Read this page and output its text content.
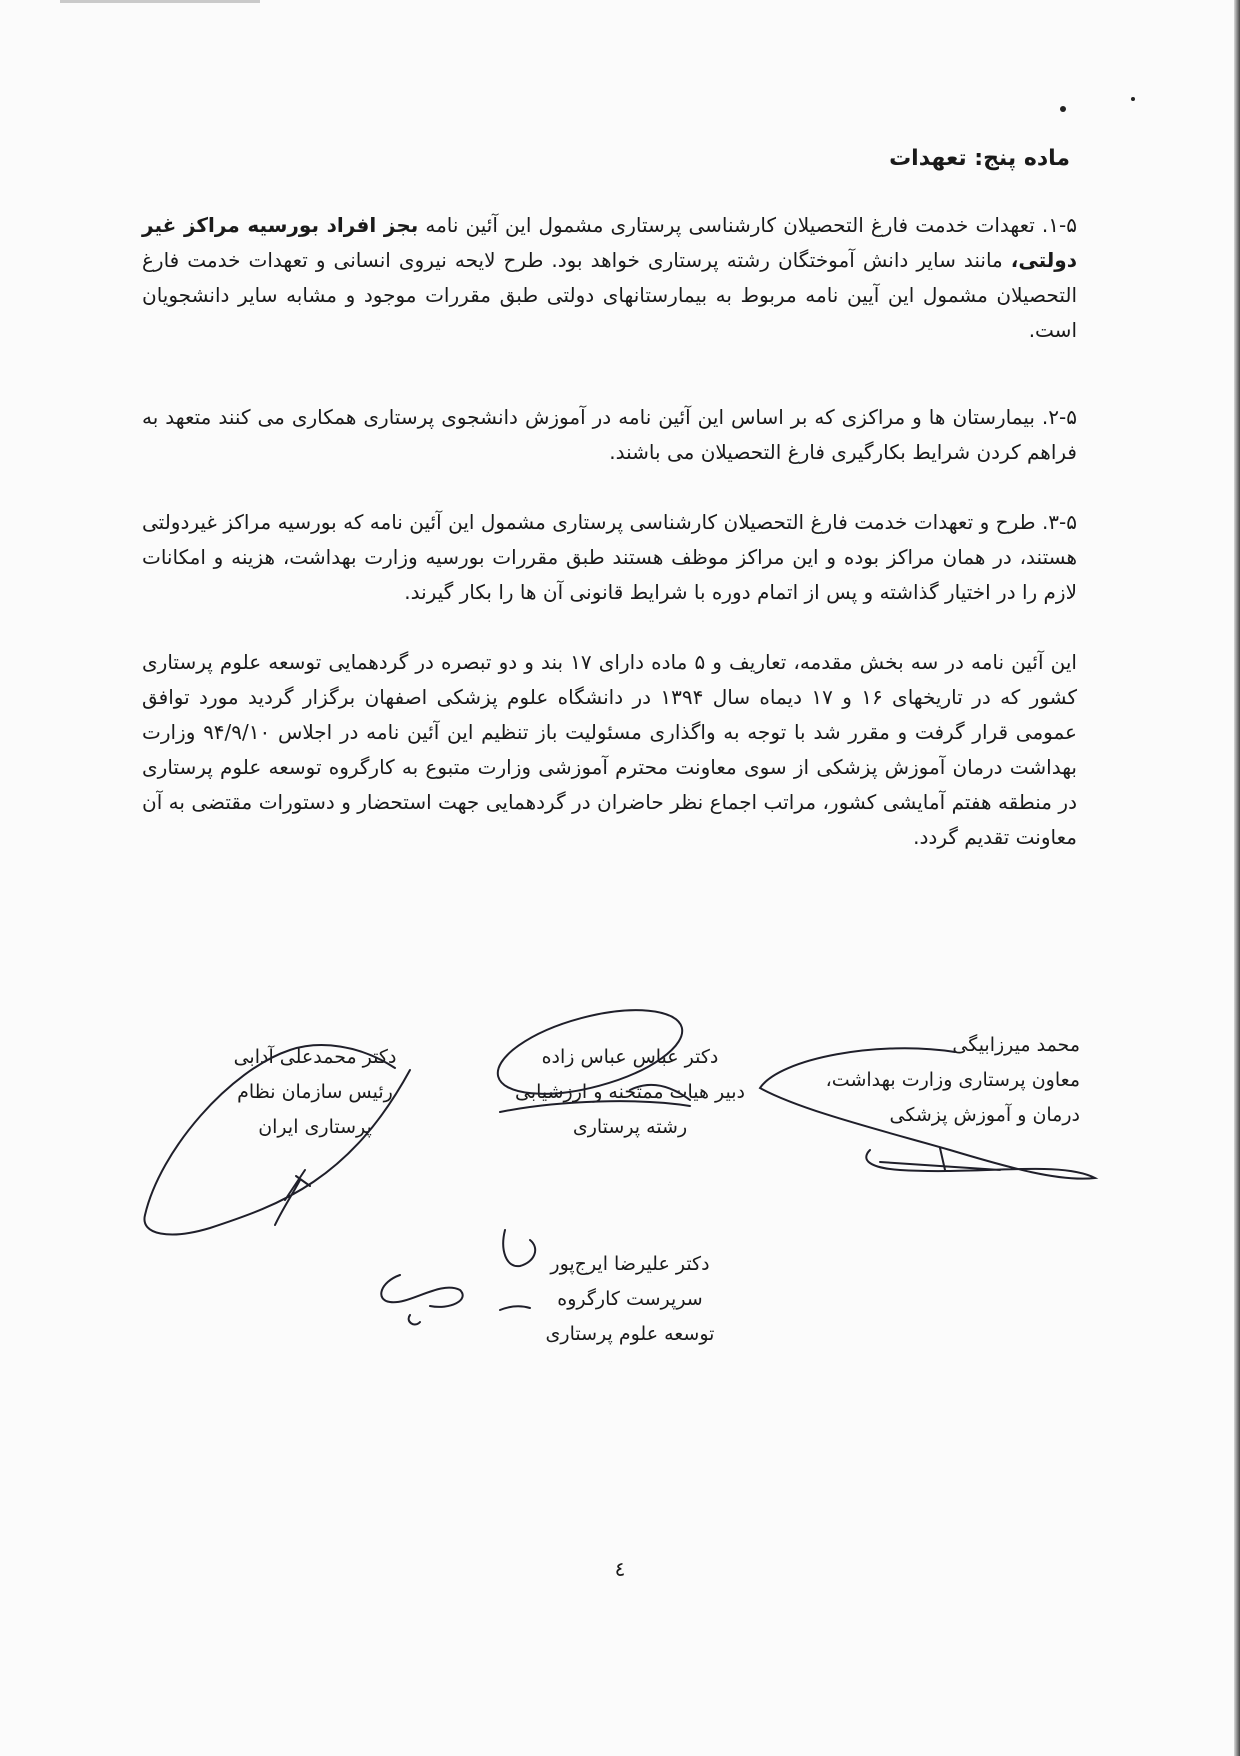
ماده پنج: تعهدات
۱-۵. تعهدات خدمت فارغ التحصیلان کارشناسی پرستاری مشمول این آئین نامه بجز افراد بورسیه مراکز غیر دولتی، مانند سایر دانش آموختگان رشته پرستاری خواهد بود. طرح لایحه نیروی انسانی و تعهدات خدمت فارغ التحصیلان مشمول این آیین نامه مربوط به بیمارستانهای دولتی طبق مقررات موجود و مشابه سایر دانشجویان است.
۲-۵. بیمارستان ها و مراکزی که بر اساس این آئین نامه در آموزش دانشجوی پرستاری همکاری می کنند متعهد به فراهم کردن شرایط بکارگیری فارغ التحصیلان می باشند.
۳-۵. طرح و تعهدات خدمت فارغ التحصیلان کارشناسی پرستاری مشمول این آئین نامه که بورسیه مراکز غیردولتی هستند، در همان مراکز بوده و این مراکز موظف هستند طبق مقررات بورسیه وزارت بهداشت، هزینه و امکانات لازم را در اختیار گذاشته و پس از اتمام دوره با شرایط قانونی آن ها را بکار گیرند.
این آئین نامه در سه بخش مقدمه، تعاریف و ۵ ماده دارای ۱۷ بند و دو تبصره در گردهمایی توسعه علوم پرستاری کشور که در تاریخهای ۱۶ و ۱۷ دیماه سال ۱۳۹۴ در دانشگاه علوم پزشکی اصفهان برگزار گردید مورد توافق عمومی قرار گرفت و مقرر شد با توجه به واگذاری مسئولیت باز تنظیم این آئین نامه در اجلاس ۹۴/۹/۱۰ وزارت بهداشت درمان آموزش پزشکی از سوی معاونت محترم آموزشی وزارت متبوع به کارگروه توسعه علوم پرستاری در منطقه هفتم آمایشی کشور، مراتب اجماع نظر حاضران در گردهمایی جهت استحضار و دستورات مقتضی به آن معاونت تقدیم گردد.
محمد میرزابیگی
معاون پرستاری وزارت بهداشت،
درمان و آموزش پزشکی
دکتر عباس عباس زاده
دبیر هیات ممتحنه و ارزشیابی
رشته پرستاری
دکتر محمدعلی آدابی
رئیس سازمان نظام
پرستاری ایران
دکتر علیرضا ایرج‌پور
سرپرست کارگروه
توسعه علوم پرستاری
٤
